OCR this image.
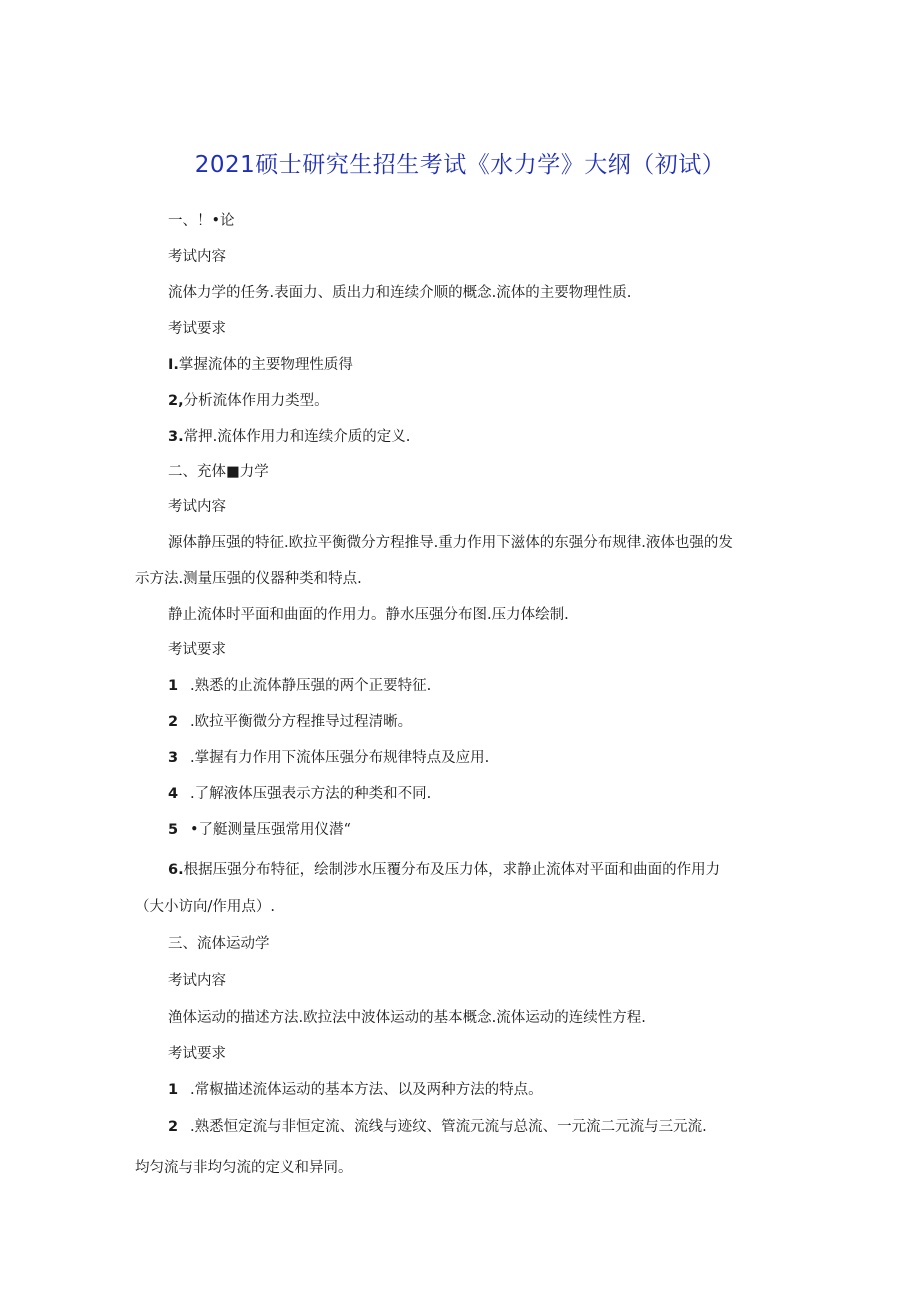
2021硕士研究生招生考试《水力学》大纲（初试）
一、！•论
考试内容
流体力学的任务.表面力、质出力和连续介顺的概念.流体的主要物理性质.
考试要求
I.掌握流体的主要物理性质得
2,分析流体作用力类型。
3.常押.流体作用力和连续介质的定义.
二、充体■力学
考试内容
源体静压强的特征.欧拉平衡微分方程推导.重力作用下滋体的东强分布规律.液体也强的发
示方法.测量压强的仪器种类和特点.
静止流体时平面和曲面的作用力。静水压强分布图.压力体绘制.
考试要求
1 .熟悉的止流体静压强的两个正要特征.
2 .欧拉平衡微分方程推导过程清晰。
3 .掌握有力作用下流体压强分布规律特点及应用.
4 .了解液体压强表示方法的种类和不同.
5 •了艇测量压强常用仪潜“
6.根据压强分布特征，绘制涉水压覆分布及压力体，求静止流体对平面和曲面的作用力
（大小访向/作用点）.
三、流体运动学
考试内容
渔体运动的描述方法.欧拉法中波体运动的基本概念.流体运动的连续性方程.
考试要求
1 .常椒描述流体运动的基本方法、以及两种方法的特点。
2 .熟悉恒定流与非恒定流、流线与迹纹、管流元流与总流、一元流二元流与三元流.
均匀流与非均匀流的定义和异同。
